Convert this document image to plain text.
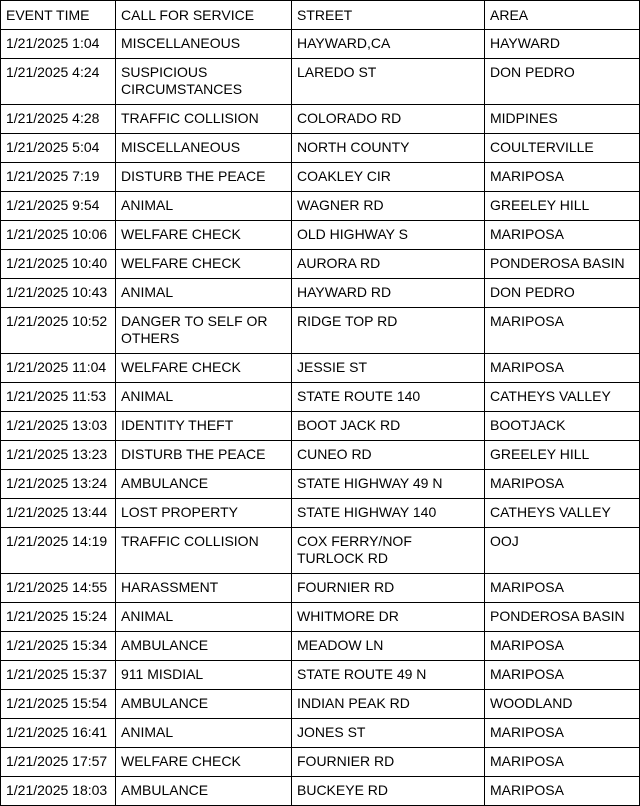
EVENT TIME	CALL FOR SERVICE	STREET	AREA
1/21/2025 1:04	MISCELLANEOUS	HAYWARD,CA	HAYWARD
1/21/2025 4:24	SUSPICIOUS CIRCUMSTANCES	LAREDO ST	DON PEDRO
1/21/2025 4:28	TRAFFIC COLLISION	COLORADO RD	MIDPINES
1/21/2025 5:04	MISCELLANEOUS	NORTH COUNTY	COULTERVILLE
1/21/2025 7:19	DISTURB THE PEACE	COAKLEY CIR	MARIPOSA
1/21/2025 9:54	ANIMAL	WAGNER RD	GREELEY HILL
1/21/2025 10:06	WELFARE CHECK	OLD HIGHWAY S	MARIPOSA
1/21/2025 10:40	WELFARE CHECK	AURORA RD	PONDEROSA BASIN
1/21/2025 10:43	ANIMAL	HAYWARD RD	DON PEDRO
1/21/2025 10:52	DANGER TO SELF OR OTHERS	RIDGE TOP RD	MARIPOSA
1/21/2025 11:04	WELFARE CHECK	JESSIE ST	MARIPOSA
1/21/2025 11:53	ANIMAL	STATE ROUTE 140	CATHEYS VALLEY
1/21/2025 13:03	IDENTITY THEFT	BOOT JACK RD	BOOTJACK
1/21/2025 13:23	DISTURB THE PEACE	CUNEO RD	GREELEY HILL
1/21/2025 13:24	AMBULANCE	STATE HIGHWAY 49 N	MARIPOSA
1/21/2025 13:44	LOST PROPERTY	STATE HIGHWAY 140	CATHEYS VALLEY
1/21/2025 14:19	TRAFFIC COLLISION	COX FERRY/NOF TURLOCK RD	OOJ
1/21/2025 14:55	HARASSMENT	FOURNIER RD	MARIPOSA
1/21/2025 15:24	ANIMAL	WHITMORE DR	PONDEROSA BASIN
1/21/2025 15:34	AMBULANCE	MEADOW LN	MARIPOSA
1/21/2025 15:37	911 MISDIAL	STATE ROUTE 49 N	MARIPOSA
1/21/2025 15:54	AMBULANCE	INDIAN PEAK RD	WOODLAND
1/21/2025 16:41	ANIMAL	JONES ST	MARIPOSA
1/21/2025 17:57	WELFARE CHECK	FOURNIER RD	MARIPOSA
1/21/2025 18:03	AMBULANCE	BUCKEYE RD	MARIPOSA
